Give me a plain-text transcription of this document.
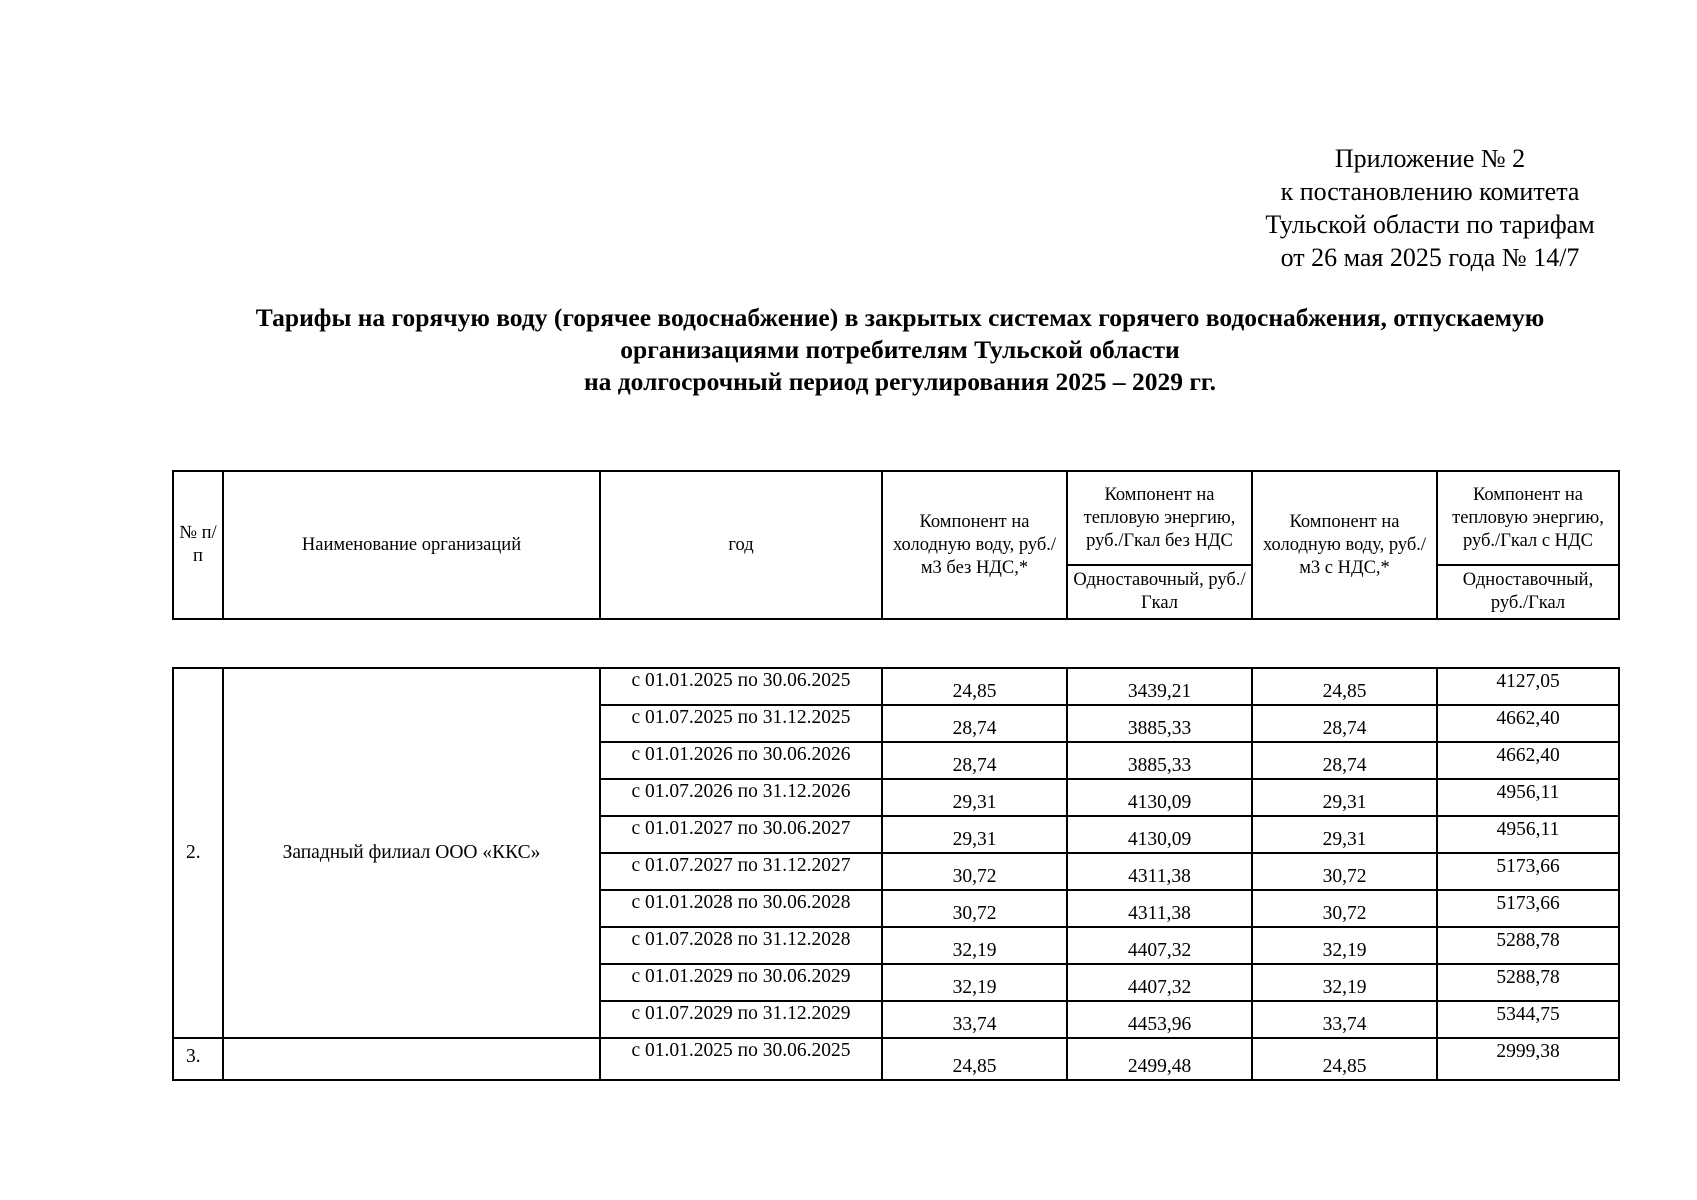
Приложение № 2
к постановлению комитета
Тульской области по тарифам
от 26 мая 2025 года № 14/7
Тарифы на горячую воду (горячее водоснабжение) в закрытых системах горячего водоснабжения, отпускаемую
организациями потребителям Тульской области
на долгосрочный период регулирования 2025 – 2029 гг.
№ п/п	Наименование организаций	год	Компонент на холодную воду, руб./м3 без НДС,*	Компонент на тепловую энергию, руб./Гкал без НДС	Компонент на холодную воду, руб./м3 с НДС,*	Компонент на тепловую энергию, руб./Гкал с НДС
				Одноставочный, руб./Гкал		Одноставочный, руб./Гкал
2.	Западный филиал ООО «ККС»	с 01.01.2025 по 30.06.2025	24,85	3439,21	24,85	4127,05
		с 01.07.2025 по 31.12.2025	28,74	3885,33	28,74	4662,40
		с 01.01.2026 по 30.06.2026	28,74	3885,33	28,74	4662,40
		с 01.07.2026 по 31.12.2026	29,31	4130,09	29,31	4956,11
		с 01.01.2027 по 30.06.2027	29,31	4130,09	29,31	4956,11
		с 01.07.2027 по 31.12.2027	30,72	4311,38	30,72	5173,66
		с 01.01.2028 по 30.06.2028	30,72	4311,38	30,72	5173,66
		с 01.07.2028 по 31.12.2028	32,19	4407,32	32,19	5288,78
		с 01.01.2029 по 30.06.2029	32,19	4407,32	32,19	5288,78
		с 01.07.2029 по 31.12.2029	33,74	4453,96	33,74	5344,75
3.		с 01.01.2025 по 30.06.2025	24,85	2499,48	24,85	2999,38
